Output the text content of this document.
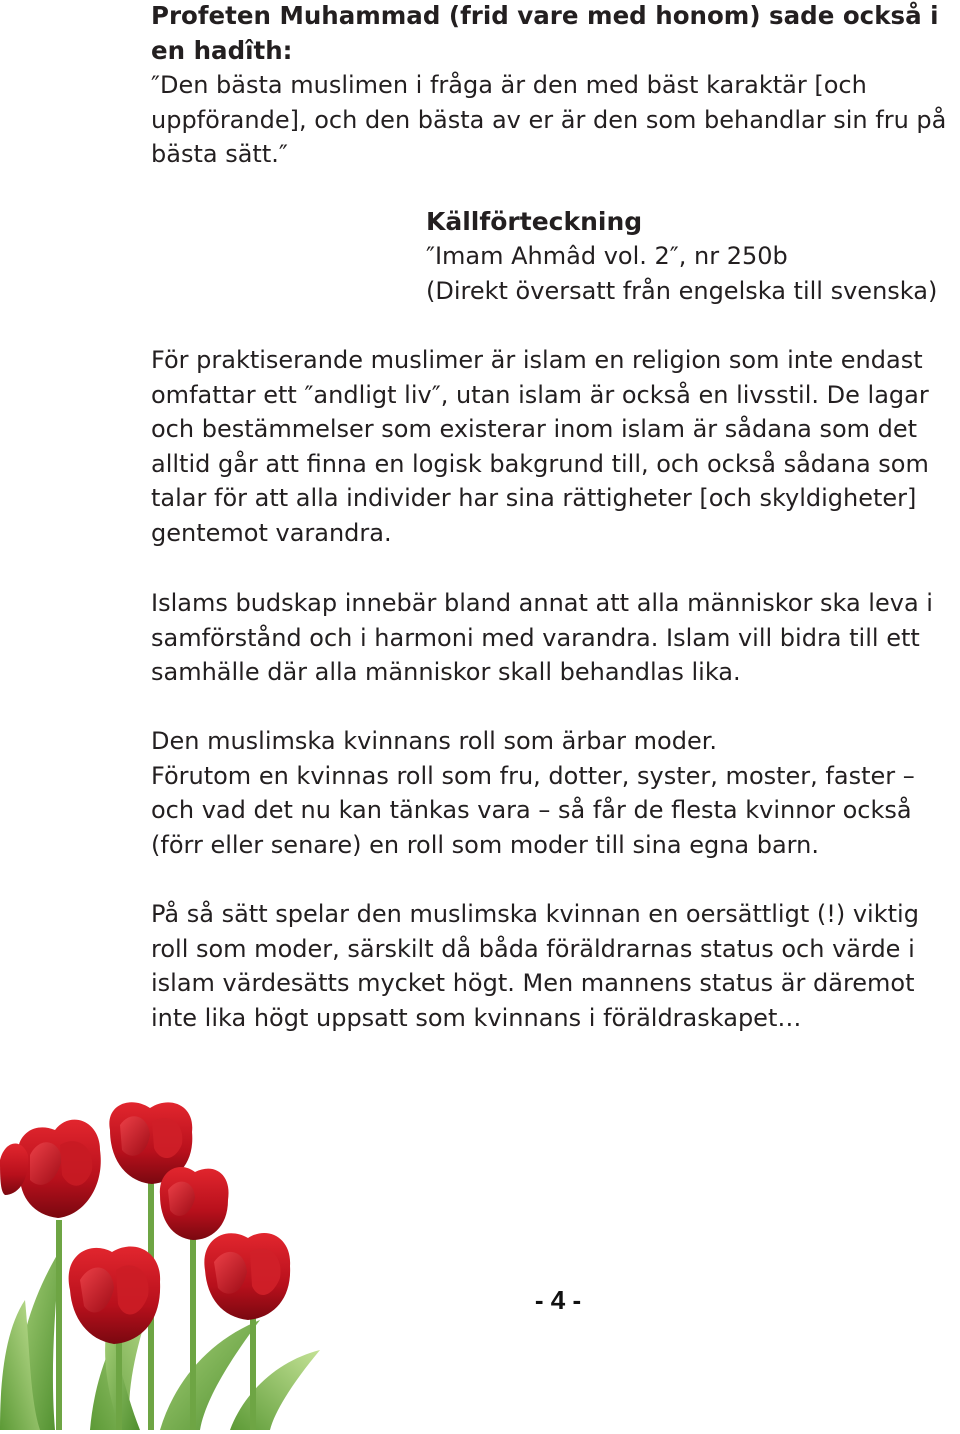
Profeten Muhammad (frid vare med honom) sade också i en hadîth:

″Den bästa muslimen i fråga är den med bäst karaktär [och uppförande], och den bästa av er är den som behandlar sin fru på bästa sätt.″

Källförteckning

″Imam Ahmâd vol. 2″, nr 250b

(Direkt översatt från engelska till svenska)

För praktiserande muslimer är islam en religion som inte endast omfattar ett ″andligt liv″, utan islam är också en livsstil. De lagar och bestämmelser som existerar inom islam är sådana som det alltid går att finna en logisk bakgrund till, och också sådana som talar för att alla individer har sina rättigheter [och skyldigheter] gentemot varandra.

Islams budskap innebär bland annat att alla människor ska leva i samförstånd och i harmoni med varandra. Islam vill bidra till ett samhälle där alla människor skall behandlas lika.

Den muslimska kvinnans roll som ärbar moder.
Förutom en kvinnas roll som fru, dotter, syster, moster, faster – och vad det nu kan tänkas vara – så får de flesta kvinnor också (förr eller senare) en roll som moder till sina egna barn.

På så sätt spelar den muslimska kvinnan en oersättligt (!) viktig roll som moder, särskilt då båda föräldrarnas status och värde i islam värdesätts mycket högt. Men mannens status är däremot inte lika högt uppsatt som kvinnans i föräldraskapet…

- 4 -
